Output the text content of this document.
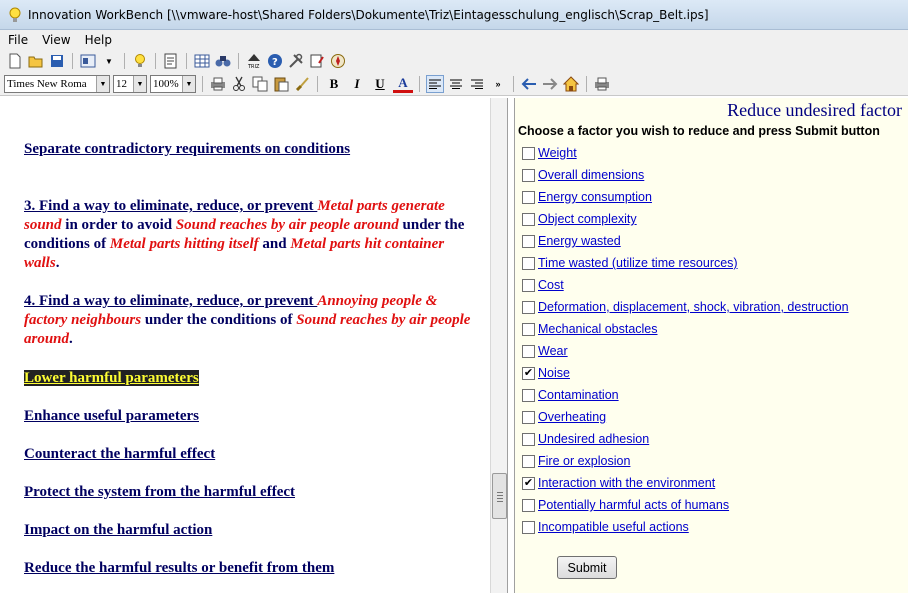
Innovation WorkBench [\\vmware-host\Shared Folders\Dokumente\Triz\Eintagesschulung_englisch\Scrap_Belt.ips]
File View Help
▼
TRIZ ?
Times New Roma	▼ 12	▼ 100% ▼	B	I	U	A	»
Separate contradictory requirements on conditions
3. Find a way to eliminate, reduce, or prevent Metal parts generate sound in order to avoid Sound reaches by air people around under the conditions of Metal parts hitting itself and Metal parts hit container walls.
4. Find a way to eliminate, reduce, or prevent Annoying people & factory neighbours under the conditions of Sound reaches by air people around.
Lower harmful parameters
Enhance useful parameters
Counteract the harmful effect
Protect the system from the harmful effect
Impact on the harmful action
Reduce the harmful results or benefit from them
Reduce undesired factor
Choose a factor you wish to reduce and press Submit button
Weight
Overall dimensions
Energy consumption
Object complexity
Energy wasted
Time wasted (utilize time resources)
Cost
Deformation, displacement, shock, vibration, destruction
Mechanical obstacles
Wear
✔ Noise
Contamination
Overheating
Undesired adhesion
Fire or explosion
✔ Interaction with the environment
Potentially harmful acts of humans
Incompatible useful actions
Submit
